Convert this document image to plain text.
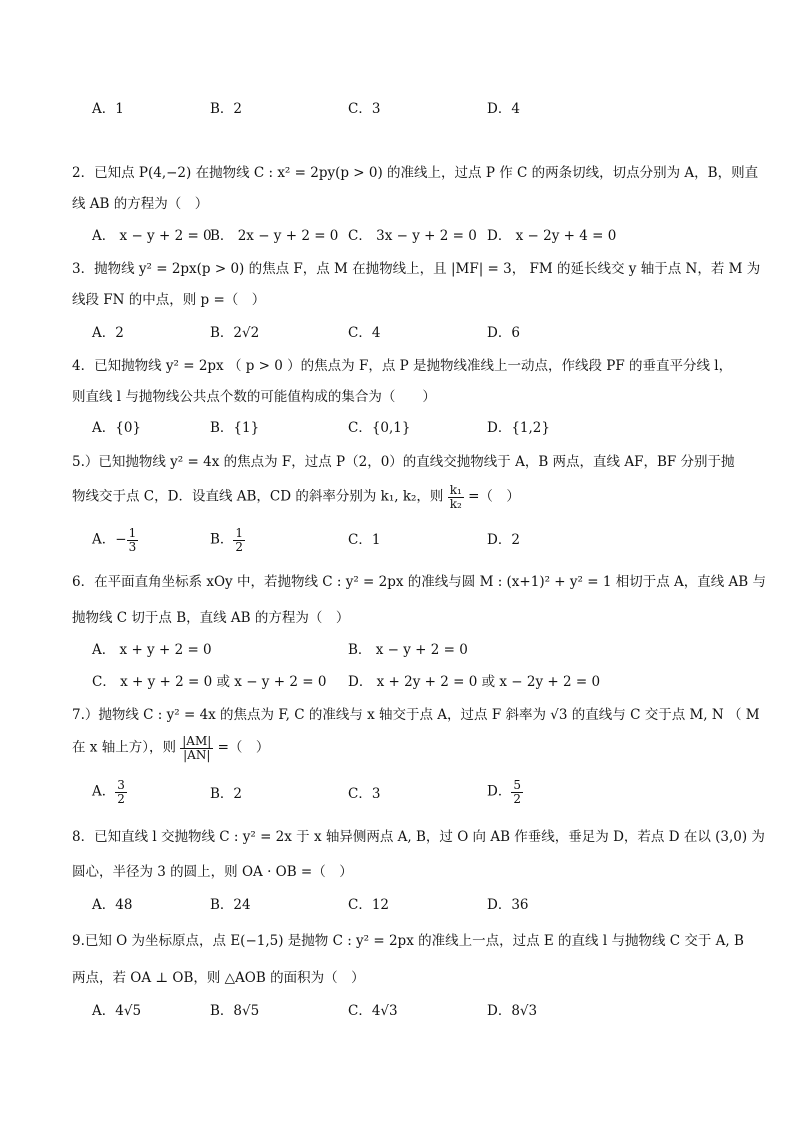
A．1	B．2	C．3	D．4
2．已知点 P(4,−2) 在抛物线 C : x² = 2py(p > 0) 的准线上，过点 P 作 C 的两条切线，切点分别为 A，B，则直
线 AB 的方程为（　）
A． x − y + 2 = 0
B． 2x − y + 2 = 0 C． 3x − y + 2 = 0 D． x − 2y + 4 = 0
3．抛物线 y² = 2px(p > 0) 的焦点 F，点 M 在抛物线上，且 |MF| = 3， FM 的延长线交 y 轴于点 N，若 M 为
线段 FN 的中点，则 p =（　）
A．2	B．2√2	C．4	D．6
4．已知抛物线 y² = 2px （ p > 0 ）的焦点为 F，点 P 是抛物线准线上一动点，作线段 PF 的垂直平分线 l，
则直线 l 与抛物线公共点个数的可能值构成的集合为（　　）
A．{0}	B．{1}	C．{0,1}	D．{1,2}
5.）已知抛物线 y² = 4x 的焦点为 F，过点 P（2，0）的直线交抛物线于 A，B 两点，直线 AF，BF 分别于抛
物线交于点 C，D．设直线 AB，CD 的斜率分别为 k₁, k₂，则 $\frac{\text{k₁}}{\text{k₂}}$ =（　）
A．− $\frac{1}{3}$	B． $\frac{1}{2}$	C．1	D．2
6．在平面直角坐标系 xOy 中，若抛物线 C : y² = 2px 的准线与圆 M : (x+1)² + y² = 1 相切于点 A，直线 AB 与
抛物线 C 切于点 B，直线 AB 的方程为（　）
A． x + y + 2 = 0	B． x − y + 2 = 0
C． x + y + 2 = 0 或 x − y + 2 = 0 D． x + 2y + 2 = 0 或 x − 2y + 2 = 0
7.）抛物线 C : y² = 4x 的焦点为 F, C 的准线与 x 轴交于点 A，过点 F 斜率为 √3 的直线与 C 交于点 M, N （ M
在 x 轴上方），则 $\frac{|AM|}{|AN|}$ =（　）
A． $\frac{3}{2}$	B．2	C．3	D． $\frac{5}{2}$
8．已知直线 l 交抛物线 C : y² = 2x 于 x 轴异侧两点 A, B，过 O 向 AB 作垂线，垂足为 D，若点 D 在以 (3,0) 为
圆心，半径为 3 的圆上，则 OA · OB =（　）
A．48	B．24	C．12	D．36
9.已知 O 为坐标原点，点 E(−1,5) 是抛物 C : y² = 2px 的准线上一点，过点 E 的直线 l 与抛物线 C 交于 A, B
两点，若 OA ⊥ OB，则 △AOB 的面积为（　）
A．4√5	B．8√5	C．4√3	D．8√3
